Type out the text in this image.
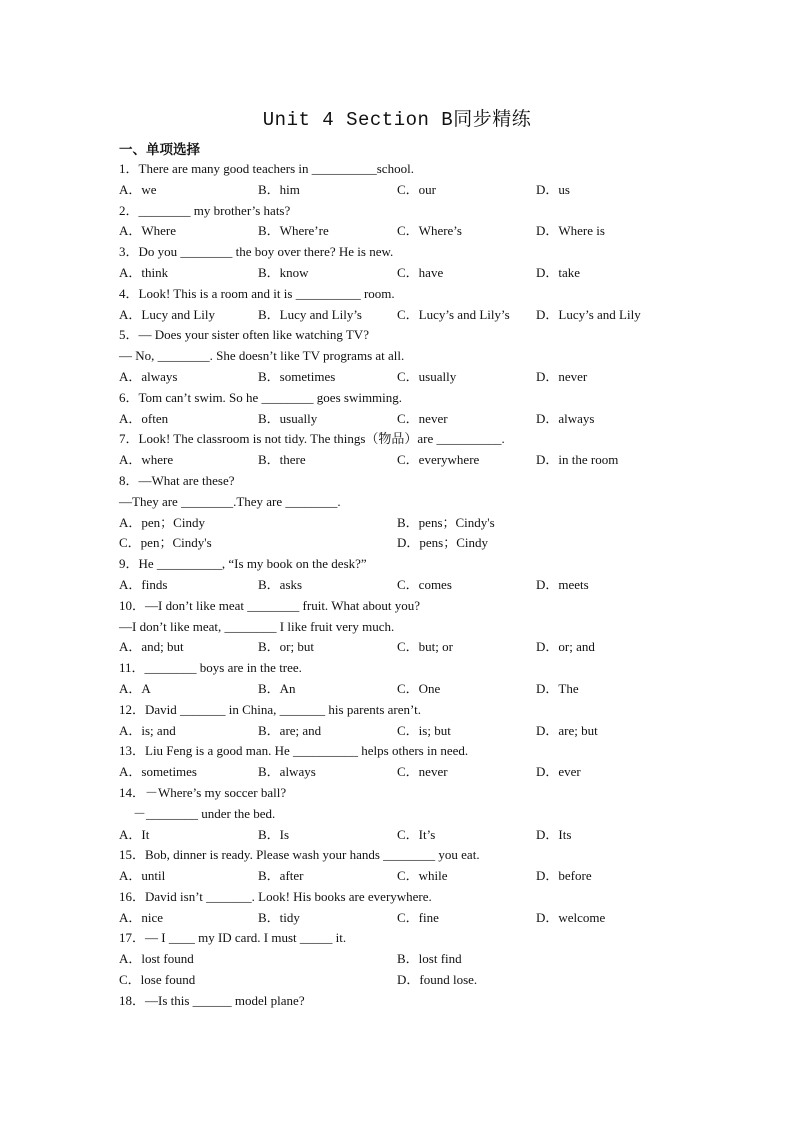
Unit 4 Section B同步精练
一、单项选择
1．There are many good teachers in __________school.
A．we	B．him	C．our	D．us
2．________ my brother’s hats?
A．Where	B．Where’re	C．Where’s	D．Where is
3．Do you ________ the boy over there? He is new.
A．think	B．know	C．have	D．take
4．Look! This is a room and it is __________ room.
A．Lucy and Lily	B．Lucy and Lily’s	C．Lucy’s and Lily’s D．Lucy’s and Lily
5．— Does your sister often like watching TV?
— No, ________. She doesn’t like TV programs at all.
A．always	B．sometimes	C．usually	D．never
6．Tom can’t swim. So he ________ goes swimming.
A．often	B．usually	C．never	D．always
7．Look! The classroom is not tidy. The things（物品）are __________.
A．where	B．there	C．everywhere	D．in the room
8．—What are these?
—They are ________.They are ________.
A．pen；Cindy	B．pens；Cindy's
C．pen；Cindy's	D．pens；Cindy
9．He __________, “Is my book on the desk?”
A．finds	B．asks	C．comes	D．meets
10．—I don’t like meat ________ fruit. What about you?
—I don’t like meat, ________ I like fruit very much.
A．and; but	B．or; but	C．but; or	D．or; and
11．________ boys are in the tree.
A．A	B．An	C．One	D．The
12．David _______ in China, _______ his parents aren’t.
A．is; and	B．are; and	C．is; but	D．are; but
13．Liu Feng is a good man. He __________ helps others in need.
A．sometimes	B．always	C．never	D．ever
14．－Where’s my soccer ball?
－________ under the bed.
A．It	B．Is	C．It’s	D．Its
15．Bob, dinner is ready. Please wash your hands ________ you eat.
A．until	B．after	C．while	D．before
16．David isn’t _______. Look! His books are everywhere.
A．nice	B．tidy	C．fine	D．welcome
17．— I ____ my ID card. I must _____ it.
A．lost found	B．lost find
C．lose found	D．found lose.
18．—Is this ______ model plane?
